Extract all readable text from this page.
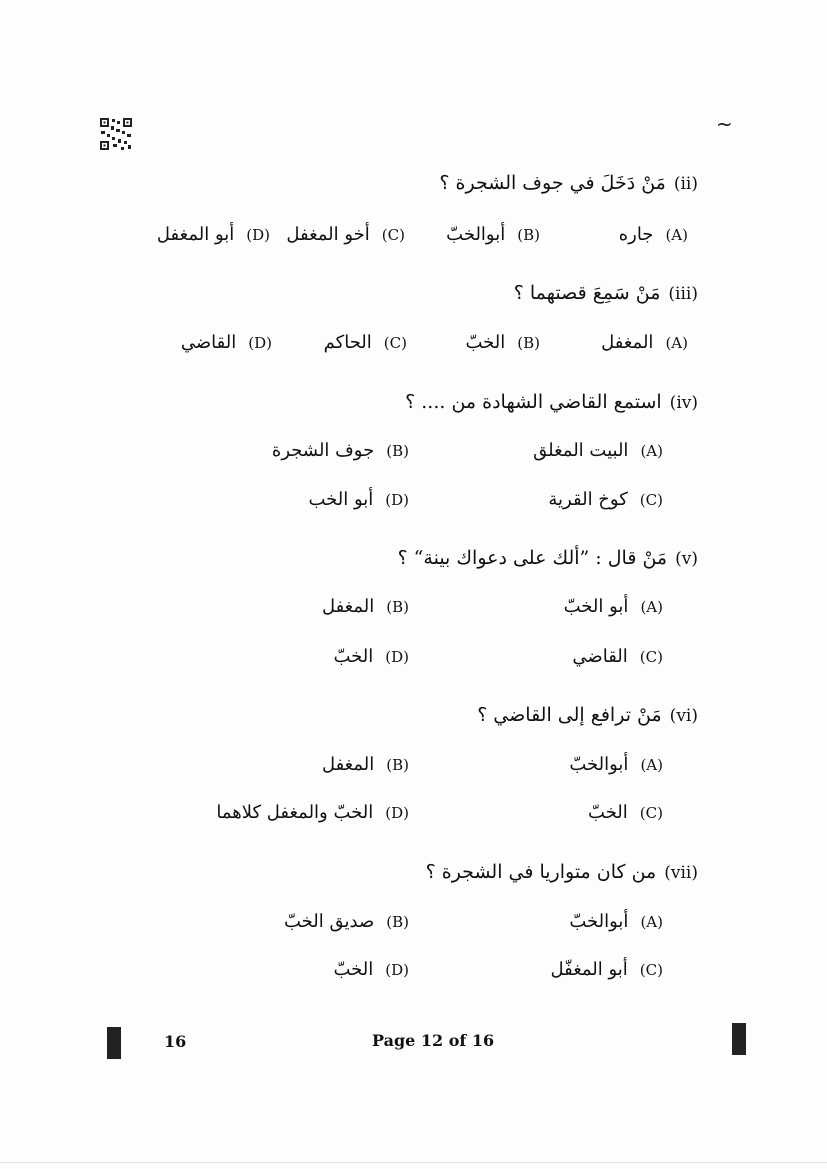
~
(ii)
مَنْ دَخَلَ في جوف الشجرة ؟
(A)
جاره
(B)
أبوالخبّ
(C)
أخو المغفل
(D)
أبو المغفل
(iii)
مَنْ سَمِعَ قصتهما ؟
(A)
المغفل
(B)
الخبّ
(C)
الحاكم
(D)
القاضي
(iv)
استمع القاضي الشهادة من .... ؟
(A)
البيت المغلق
(B)
جوف الشجرة
(C)
كوخ القرية
(D)
أبو الخب
(v)
مَنْ قال : ”ألك على دعواك بينة“ ؟
(A)
أبو الخبّ
(B)
المغفل
(C)
القاضي
(D)
الخبّ
(vi)
مَنْ ترافع إلى القاضي ؟
(A)
أبوالخبّ
(B)
المغفل
(C)
الخبّ
(D)
الخبّ والمغفل كلاهما
(vii)
من كان متواريا في الشجرة ؟
(A)
أبوالخبّ
(B)
صديق الخبّ
(C)
أبو المغفّل
(D)
الخبّ
16	Page 12 of 16
